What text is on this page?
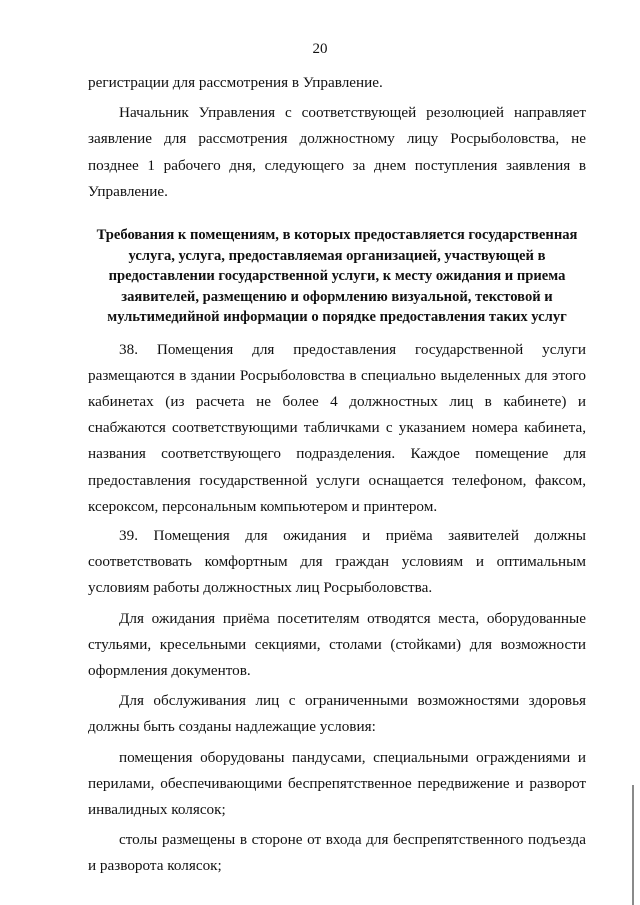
20

регистрации для рассмотрения в Управление.

Начальник Управления с соответствующей резолюцией направляет заявление для рассмотрения должностному лицу Росрыболовства, не позднее 1 рабочего дня, следующего за днем поступления заявления в Управление.

Требования к помещениям, в которых предоставляется государственная услуга, услуга, предоставляемая организацией, участвующей в предоставлении государственной услуги, к месту ожидания и приема заявителей, размещению и оформлению визуальной, текстовой и мультимедийной информации о порядке предоставления таких услуг

38. Помещения для предоставления государственной услуги размещаются в здании Росрыболовства в специально выделенных для этого кабинетах (из расчета не более 4 должностных лиц в кабинете) и снабжаются соответствующими табличками с указанием номера кабинета, названия соответствующего подразделения. Каждое помещение для предоставления государственной услуги оснащается телефоном, факсом, ксероксом, персональным компьютером и принтером.

39. Помещения для ожидания и приёма заявителей должны соответствовать комфортным для граждан условиям и оптимальным условиям работы должностных лиц Росрыболовства.

Для ожидания приёма посетителям отводятся места, оборудованные стульями, кресельными секциями, столами (стойками) для возможности оформления документов.

Для обслуживания лиц с ограниченными возможностями здоровья должны быть созданы надлежащие условия:

помещения оборудованы пандусами, специальными ограждениями и перилами, обеспечивающими беспрепятственное передвижение и разворот инвалидных колясок;

столы размещены в стороне от входа для беспрепятственного подъезда и разворота колясок;
